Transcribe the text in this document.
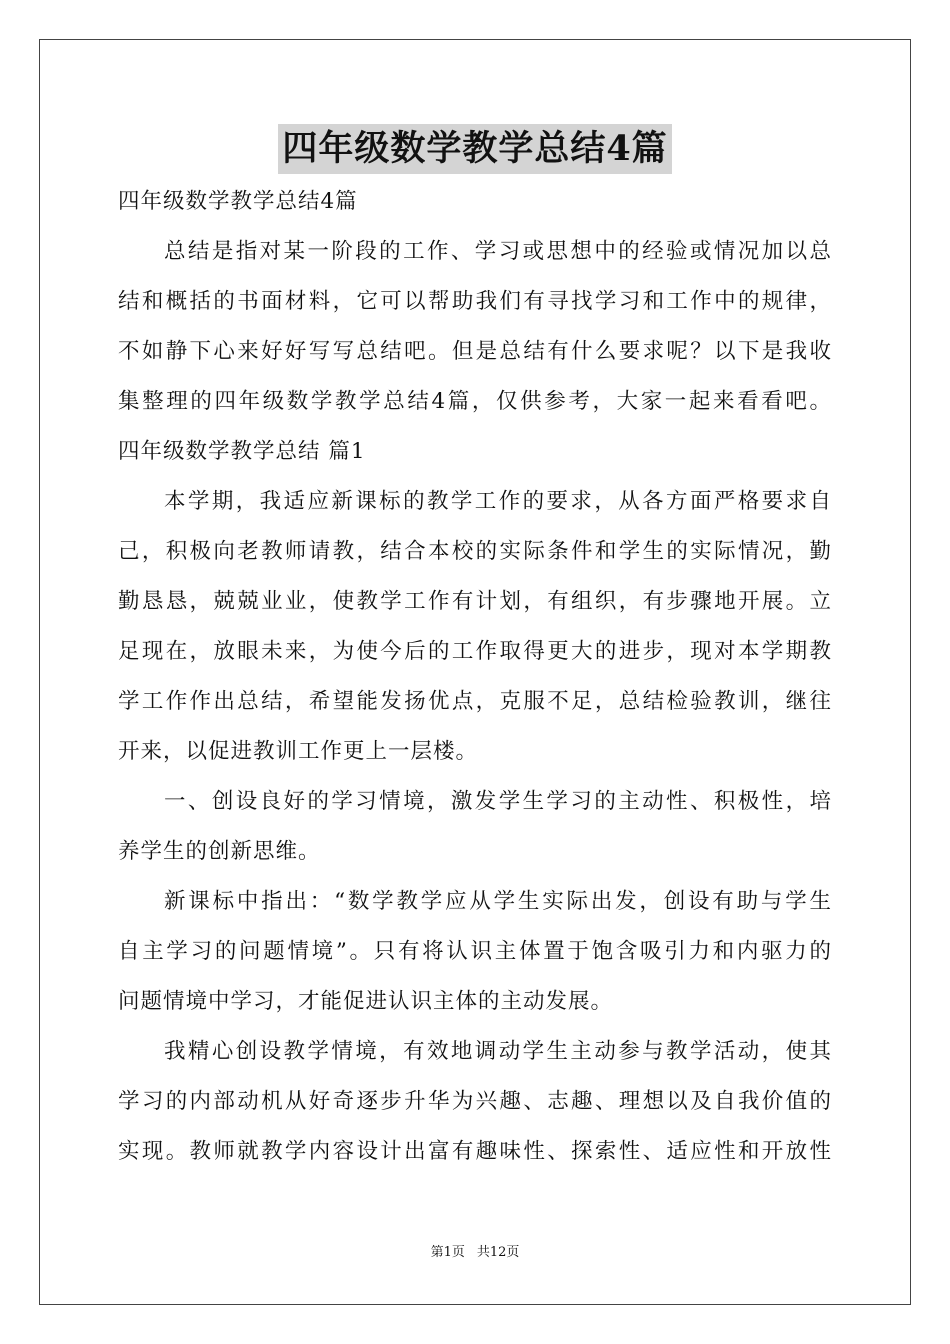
四年级数学教学总结4篇
四年级数学教学总结4篇
总结是指对某一阶段的工作、学习或思想中的经验或情况加以总
结和概括的书面材料，它可以帮助我们有寻找学习和工作中的规律，
不如静下心来好好写写总结吧。但是总结有什么要求呢？以下是我收
集整理的四年级数学教学总结4篇，仅供参考，大家一起来看看吧。
四年级数学教学总结 篇1
本学期，我适应新课标的教学工作的要求，从各方面严格要求自
己，积极向老教师请教，结合本校的实际条件和学生的实际情况，勤
勤恳恳，兢兢业业，使教学工作有计划，有组织，有步骤地开展。立
足现在，放眼未来，为使今后的工作取得更大的进步，现对本学期教
学工作作出总结，希望能发扬优点，克服不足，总结检验教训，继往
开来，以促进教训工作更上一层楼。
一、创设良好的学习情境，激发学生学习的主动性、积极性，培
养学生的创新思维。
新课标中指出：“数学教学应从学生实际出发，创设有助与学生
自主学习的问题情境”。只有将认识主体置于饱含吸引力和内驱力的
问题情境中学习，才能促进认识主体的主动发展。
我精心创设教学情境，有效地调动学生主动参与教学活动，使其
学习的内部动机从好奇逐步升华为兴趣、志趣、理想以及自我价值的
实现。教师就教学内容设计出富有趣味性、探索性、适应性和开放性
第1页 共12页
